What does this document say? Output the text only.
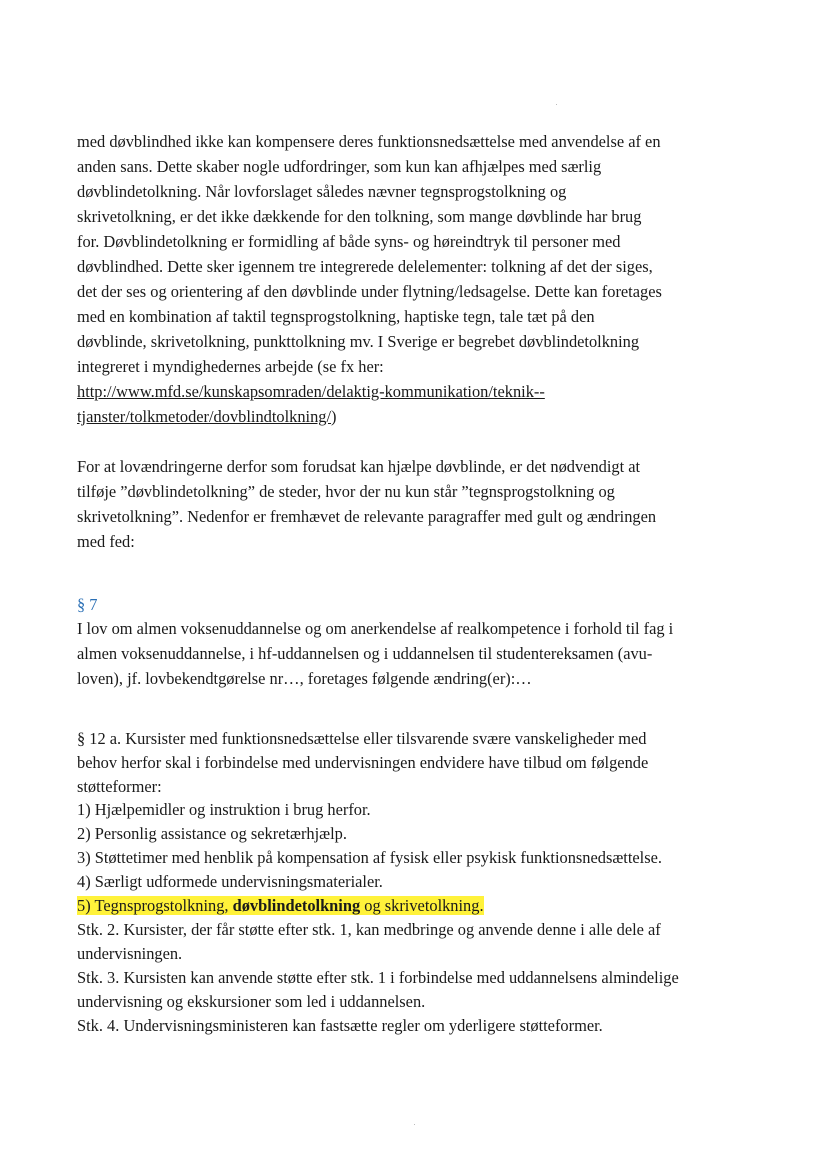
med døvblindhed ikke kan kompensere deres funktionsnedsættelse med anvendelse af en
anden sans. Dette skaber nogle udfordringer, som kun kan afhjælpes med særlig
døvblindetolkning. Når lovforslaget således nævner tegnsprogstolkning og
skrivetolkning, er det ikke dækkende for den tolkning, som mange døvblinde har brug
for. Døvblindetolkning er formidling af både syns- og høreindtryk til personer med
døvblindhed. Dette sker igennem tre integrerede delelementer: tolkning af det der siges,
det der ses og orientering af den døvblinde under flytning/ledsagelse. Dette kan foretages
med en kombination af taktil tegnsprogstolkning, haptiske tegn, tale tæt på den
døvblinde, skrivetolkning, punkttolkning mv. I Sverige er begrebet døvblindetolkning
integreret i myndighedernes arbejde (se fx her:
http://www.mfd.se/kunskapsomraden/delaktig-kommunikation/teknik--
tjanster/tolkmetoder/dovblindtolkning/)
For at lovændringerne derfor som forudsat kan hjælpe døvblinde, er det nødvendigt at
tilføje ”døvblindetolkning” de steder, hvor der nu kun står ”tegnsprogstolkning og
skrivetolkning”. Nedenfor er fremhævet de relevante paragraffer med gult og ændringen
med fed:
§ 7
I lov om almen voksenuddannelse og om anerkendelse af realkompetence i forhold til fag i
almen voksenuddannelse, i hf-uddannelsen og i uddannelsen til studentereksamen (avu-
loven), jf. lovbekendtgørelse nr…, foretages følgende ændring(er):…
§ 12 a. Kursister med funktionsnedsættelse eller tilsvarende svære vanskeligheder med
behov herfor skal i forbindelse med undervisningen endvidere have tilbud om følgende
støtteformer:
1) Hjælpemidler og instruktion i brug herfor.
2) Personlig assistance og sekretærhjælp.
3) Støttetimer med henblik på kompensation af fysisk eller psykisk funktionsnedsættelse.
4) Særligt udformede undervisningsmaterialer.
5) Tegnsprogstolkning, døvblindetolkning og skrivetolkning.
Stk. 2. Kursister, der får støtte efter stk. 1, kan medbringe og anvende denne i alle dele af
undervisningen.
Stk. 3. Kursisten kan anvende støtte efter stk. 1 i forbindelse med uddannelsens almindelige
undervisning og ekskursioner som led i uddannelsen.
Stk. 4. Undervisningsministeren kan fastsætte regler om yderligere støtteformer.
